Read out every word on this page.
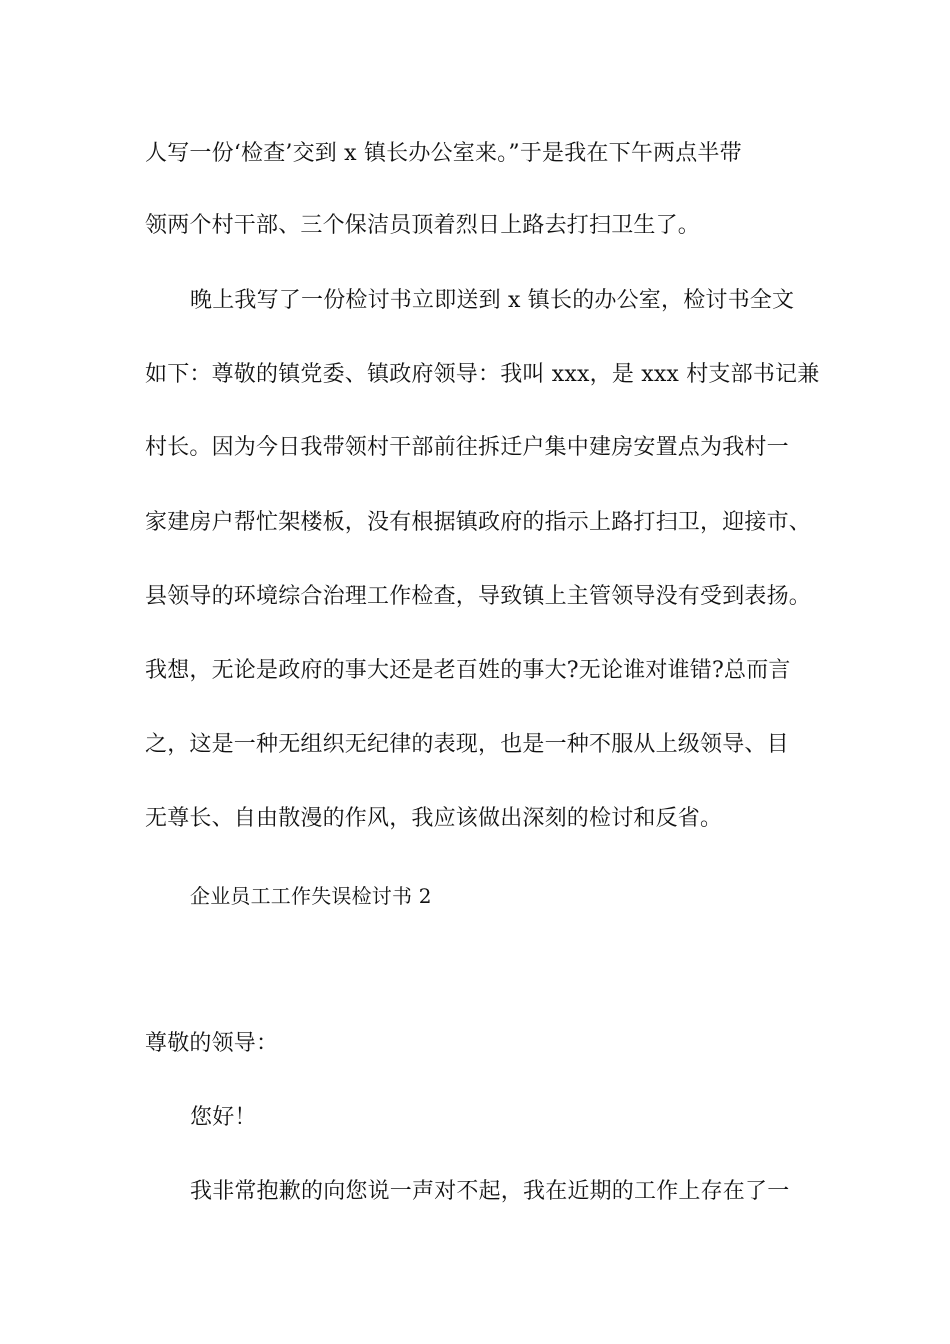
人写一份‘检查’交到 x 镇长办公室来。”于是我在下午两点半带
领两个村干部、三个保洁员顶着烈日上路去打扫卫生了。
晚上我写了一份检讨书立即送到 x 镇长的办公室，检讨书全文
如下：尊敬的镇党委、镇政府领导：我叫 xxx，是 xxx 村支部书记兼
村长。因为今日我带领村干部前往拆迁户集中建房安置点为我村一
家建房户帮忙架楼板，没有根据镇政府的指示上路打扫卫，迎接市、
县领导的环境综合治理工作检查，导致镇上主管领导没有受到表扬。
我想，无论是政府的事大还是老百姓的事大?无论谁对谁错?总而言
之，这是一种无组织无纪律的表现，也是一种不服从上级领导、目
无尊长、自由散漫的作风，我应该做出深刻的检讨和反省。
企业员工工作失误检讨书 2
尊敬的领导：
您好！
我非常抱歉的向您说一声对不起，我在近期的工作上存在了一
